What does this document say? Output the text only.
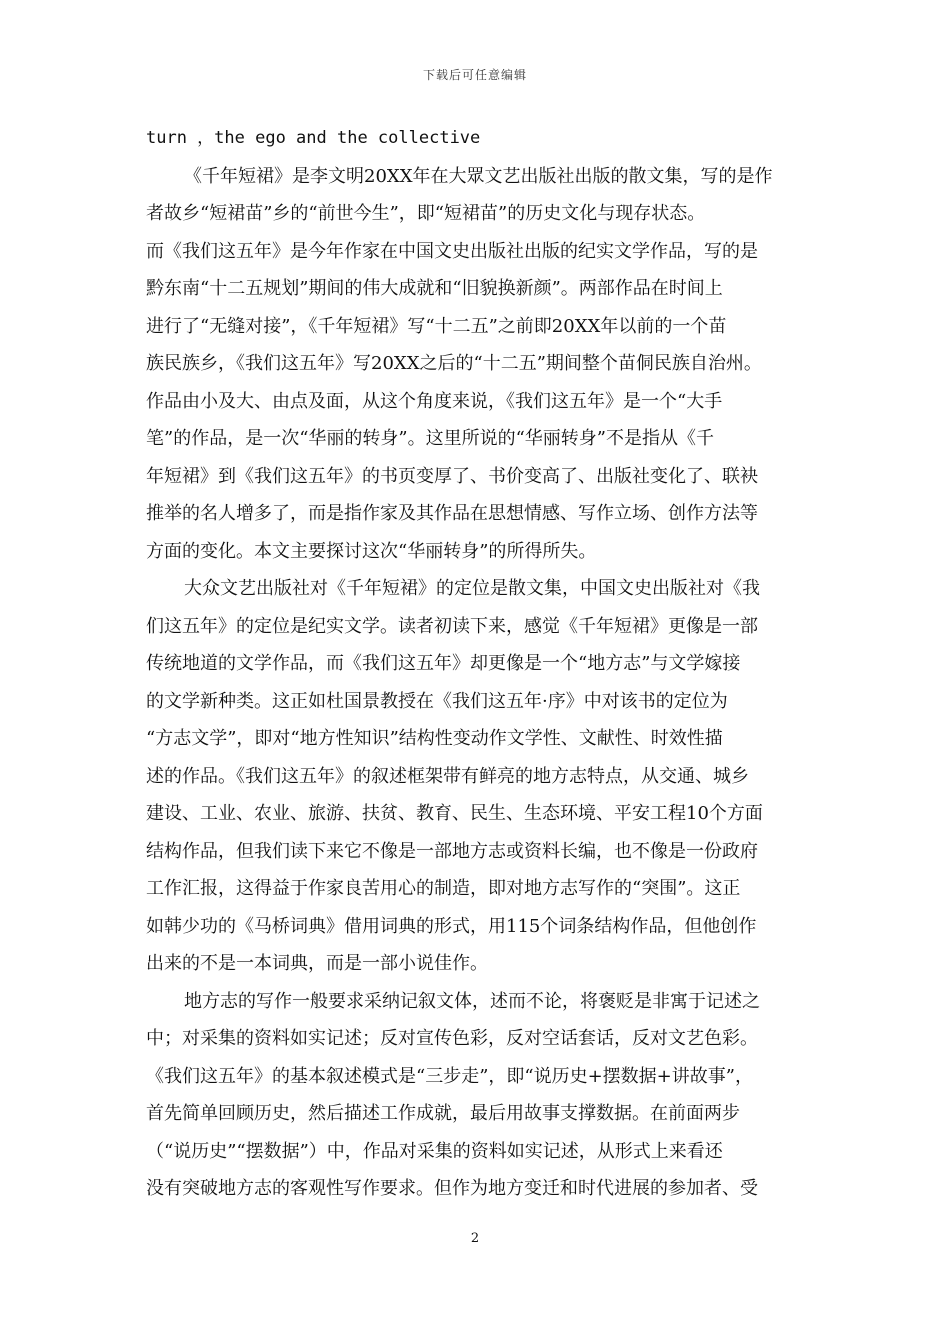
下载后可任意编辑
turn ，the ego and the collective
《千年短裙》是李文明20XX年在大眾文艺出版社出版的散文集，写的是作
者故乡“短裙苗”乡的“前世今生”，即“短裙苗”的历史文化与现存状态。
而《我们这五年》是今年作家在中国文史出版社出版的纪实文学作品，写的是
黔东南“十二五规划”期间的伟大成就和“旧貌换新颜”。两部作品在时间上
进行了“无缝对接”，《千年短裙》写“十二五”之前即20XX年以前的一个苗
族民族乡，《我们这五年》写20XX之后的“十二五”期间整个苗侗民族自治州。
作品由小及大、由点及面，从这个角度来说，《我们这五年》是一个“大手
笔”的作品，是一次“华丽的转身”。这里所说的“华丽转身”不是指从《千
年短裙》到《我们这五年》的书页变厚了、书价变高了、出版社变化了、联袂
推举的名人增多了，而是指作家及其作品在思想情感、写作立场、创作方法等
方面的变化。本文主要探讨这次“华丽转身”的所得所失。
大众文艺出版社对《千年短裙》的定位是散文集，中国文史出版社对《我
们这五年》的定位是纪实文学。读者初读下来，感觉《千年短裙》更像是一部
传统地道的文学作品，而《我们这五年》却更像是一个“地方志”与文学嫁接
的文学新种类。这正如杜国景教授在《我们这五年·序》中对该书的定位为
“方志文学”，即对“地方性知识”结构性变动作文学性、文献性、时效性描
述的作品。《我们这五年》的叙述框架带有鲜亮的地方志特点，从交通、城乡
建设、工业、农业、旅游、扶贫、教育、民生、生态环境、平安工程10个方面
结构作品，但我们读下来它不像是一部地方志或资料长编，也不像是一份政府
工作汇报，这得益于作家良苦用心的制造，即对地方志写作的“突围”。这正
如韩少功的《马桥词典》借用词典的形式，用115个词条结构作品，但他创作
出来的不是一本词典，而是一部小说佳作。
地方志的写作一般要求采纳记叙文体，述而不论，将褒贬是非寓于记述之
中；对采集的资料如实记述；反对宣传色彩，反对空话套话，反对文艺色彩。
《我们这五年》的基本叙述模式是“三步走”，即“说历史+摆数据+讲故事”，
首先简单回顾历史，然后描述工作成就，最后用故事支撑数据。在前面两步
（“说历史”“摆数据”）中，作品对采集的资料如实记述，从形式上来看还
没有突破地方志的客观性写作要求。但作为地方变迁和时代进展的参加者、受
2
